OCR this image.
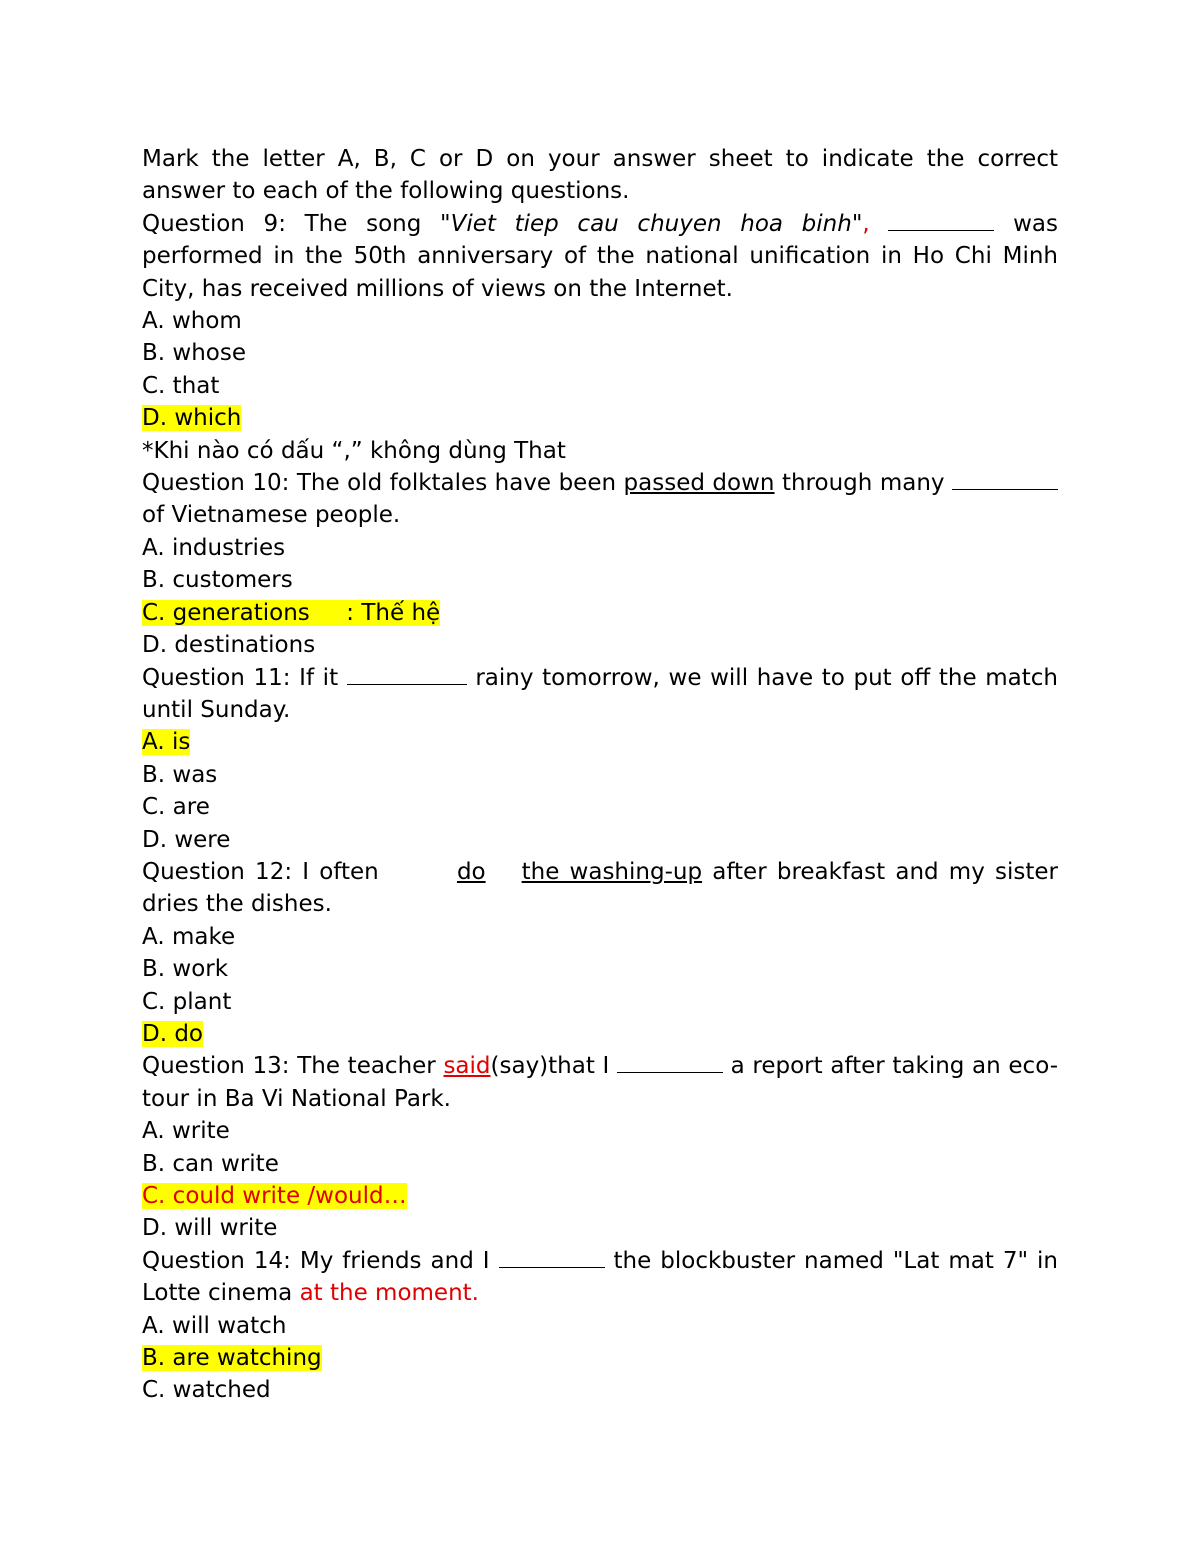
Mark the letter A, B, C or D on your answer sheet to indicate the correct answer to each of the following questions.

Question 9: The song "Viet tiep cau chuyen hoa binh",	was performed in the 50th anniversary of the national unification in Ho Chi Minh City, has received millions of views on the Internet.

A. whom

B. whose

C. that

D. which

*Khi nào có dấu “,” không dùng That

Question 10: The old folktales have been passed down through many  of Vietnamese people.

A. industries

B. customers

C. generations     : Thế hệ

D. destinations

Question 11: If it	rainy tomorrow, we will have to put off the match until Sunday.

A. is

B. was

C. are

D. were

Question 12: I often	do the washing-up after breakfast and my sister dries the dishes.

A. make

B. work

C. plant

D. do

Question 13: The teacher said(say)that I	a report after taking an eco-tour in Ba Vi National Park.

A. write

B. can write

C. could write /would…

D. will write

Question 14: My friends and I	the blockbuster named "Lat mat 7" in Lotte cinema at the moment.

A. will watch

B. are watching

C. watched
